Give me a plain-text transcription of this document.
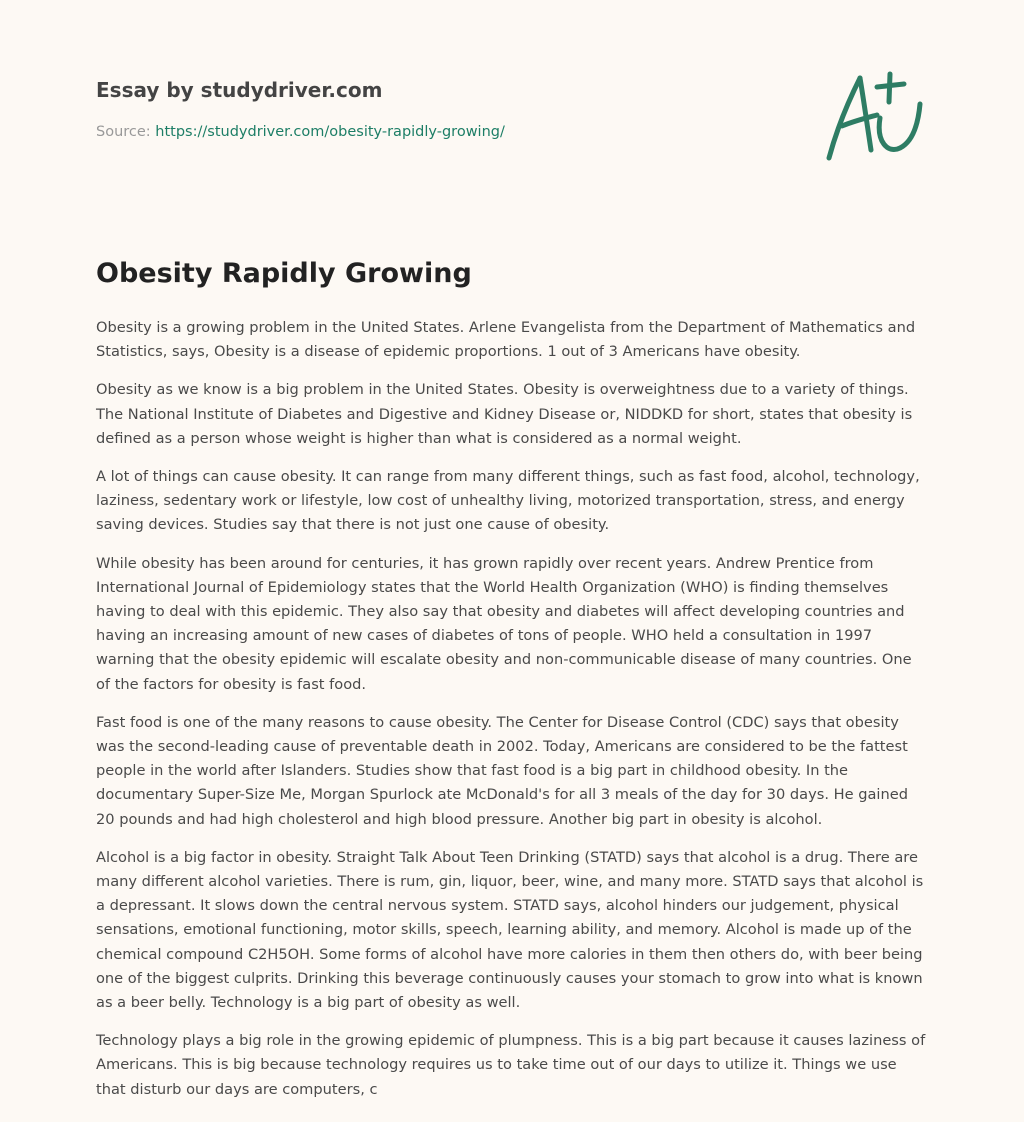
Essay by studydriver.com
Source: https://studydriver.com/obesity-rapidly-growing/
Obesity Rapidly Growing

Obesity is a growing problem in the United States. Arlene Evangelista from the Department of Mathematics and Statistics, says, Obesity is a disease of epidemic proportions. 1 out of 3 Americans have obesity.

Obesity as we know is a big problem in the United States. Obesity is overweightness due to a variety of things. The National Institute of Diabetes and Digestive and Kidney Disease or, NIDDKD for short, states that obesity is defined as a person whose weight is higher than what is considered as a normal weight.

A lot of things can cause obesity. It can range from many different things, such as fast food, alcohol, technology, laziness, sedentary work or lifestyle, low cost of unhealthy living, motorized transportation, stress, and energy saving devices. Studies say that there is not just one cause of obesity.

While obesity has been around for centuries, it has grown rapidly over recent years. Andrew Prentice from International Journal of Epidemiology states that the World Health Organization (WHO) is finding themselves having to deal with this epidemic. They also say that obesity and diabetes will affect developing countries and having an increasing amount of new cases of diabetes of tons of people. WHO held a consultation in 1997 warning that the obesity epidemic will escalate obesity and non-communicable disease of many countries. One of the factors for obesity is fast food.

Fast food is one of the many reasons to cause obesity. The Center for Disease Control (CDC) says that obesity was the second-leading cause of preventable death in 2002. Today, Americans are considered to be the fattest people in the world after Islanders. Studies show that fast food is a big part in childhood obesity. In the documentary Super-Size Me, Morgan Spurlock ate McDonald's for all 3 meals of the day for 30 days. He gained 20 pounds and had high cholesterol and high blood pressure. Another big part in obesity is alcohol.

Alcohol is a big factor in obesity. Straight Talk About Teen Drinking (STATD) says that alcohol is a drug. There are many different alcohol varieties. There is rum, gin, liquor, beer, wine, and many more. STATD says that alcohol is a depressant. It slows down the central nervous system. STATD says, alcohol hinders our judgement, physical sensations, emotional functioning, motor skills, speech, learning ability, and memory. Alcohol is made up of the chemical compound C2H5OH. Some forms of alcohol have more calories in them then others do, with beer being one of the biggest culprits. Drinking this beverage continuously causes your stomach to grow into what is known as a beer belly. Technology is a big part of obesity as well.

Technology plays a big role in the growing epidemic of plumpness. This is a big part because it causes laziness of Americans. This is big because technology requires us to take time out of our days to utilize it. Things we use that disturb our days are computers, c
